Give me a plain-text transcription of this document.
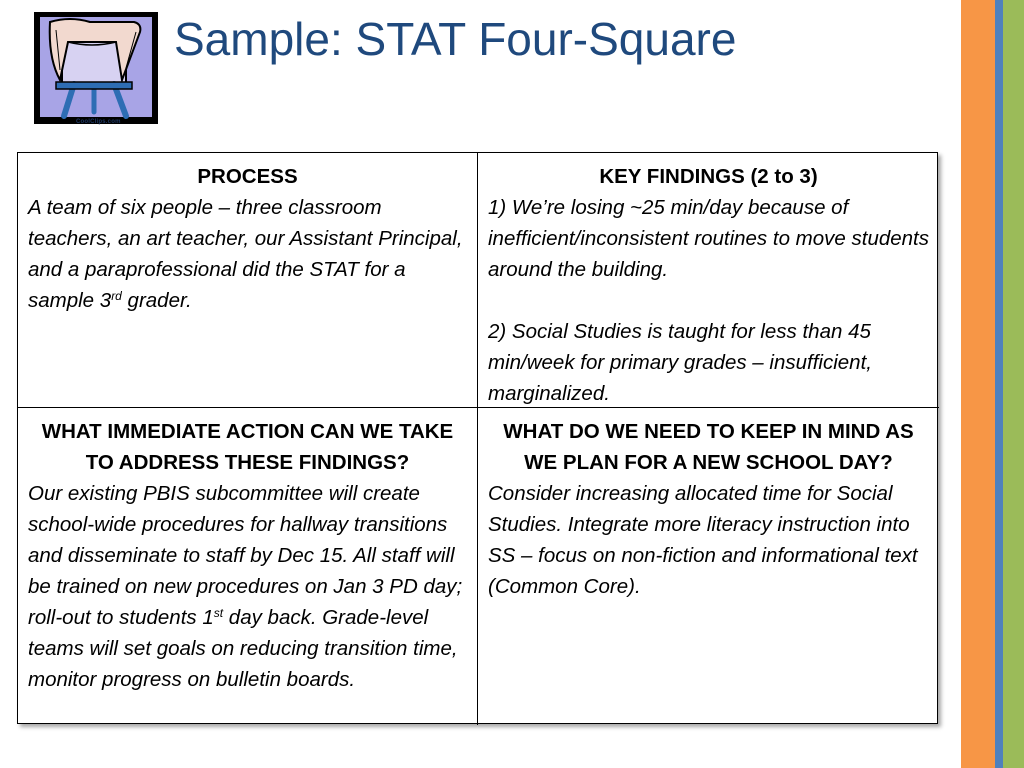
CoolClips.com
Sample: STAT Four-Square
PROCESS
A team of six people – three classroom teachers, an art teacher, our Assistant Principal, and a paraprofessional did the STAT for a sample 3rd grader.
KEY FINDINGS (2 to 3)
1) We’re losing ~25 min/day because of inefficient/inconsistent routines to move students around the building.
2) Social Studies is taught for less than 45 min/week for primary grades – insufficient, marginalized.
WHAT IMMEDIATE ACTION CAN WE TAKE TO ADDRESS THESE FINDINGS?
Our existing PBIS subcommittee will create school-wide procedures for hallway transitions and disseminate to staff by Dec 15. All staff will be trained on new procedures on Jan 3 PD day; roll-out to students 1st day back. Grade-level teams will set goals on reducing transition time, monitor progress on bulletin boards.
WHAT DO WE NEED TO KEEP IN MIND AS WE PLAN FOR A NEW SCHOOL DAY?
Consider increasing allocated time for Social Studies. Integrate more literacy instruction into SS – focus on non-fiction and informational text (Common Core).
